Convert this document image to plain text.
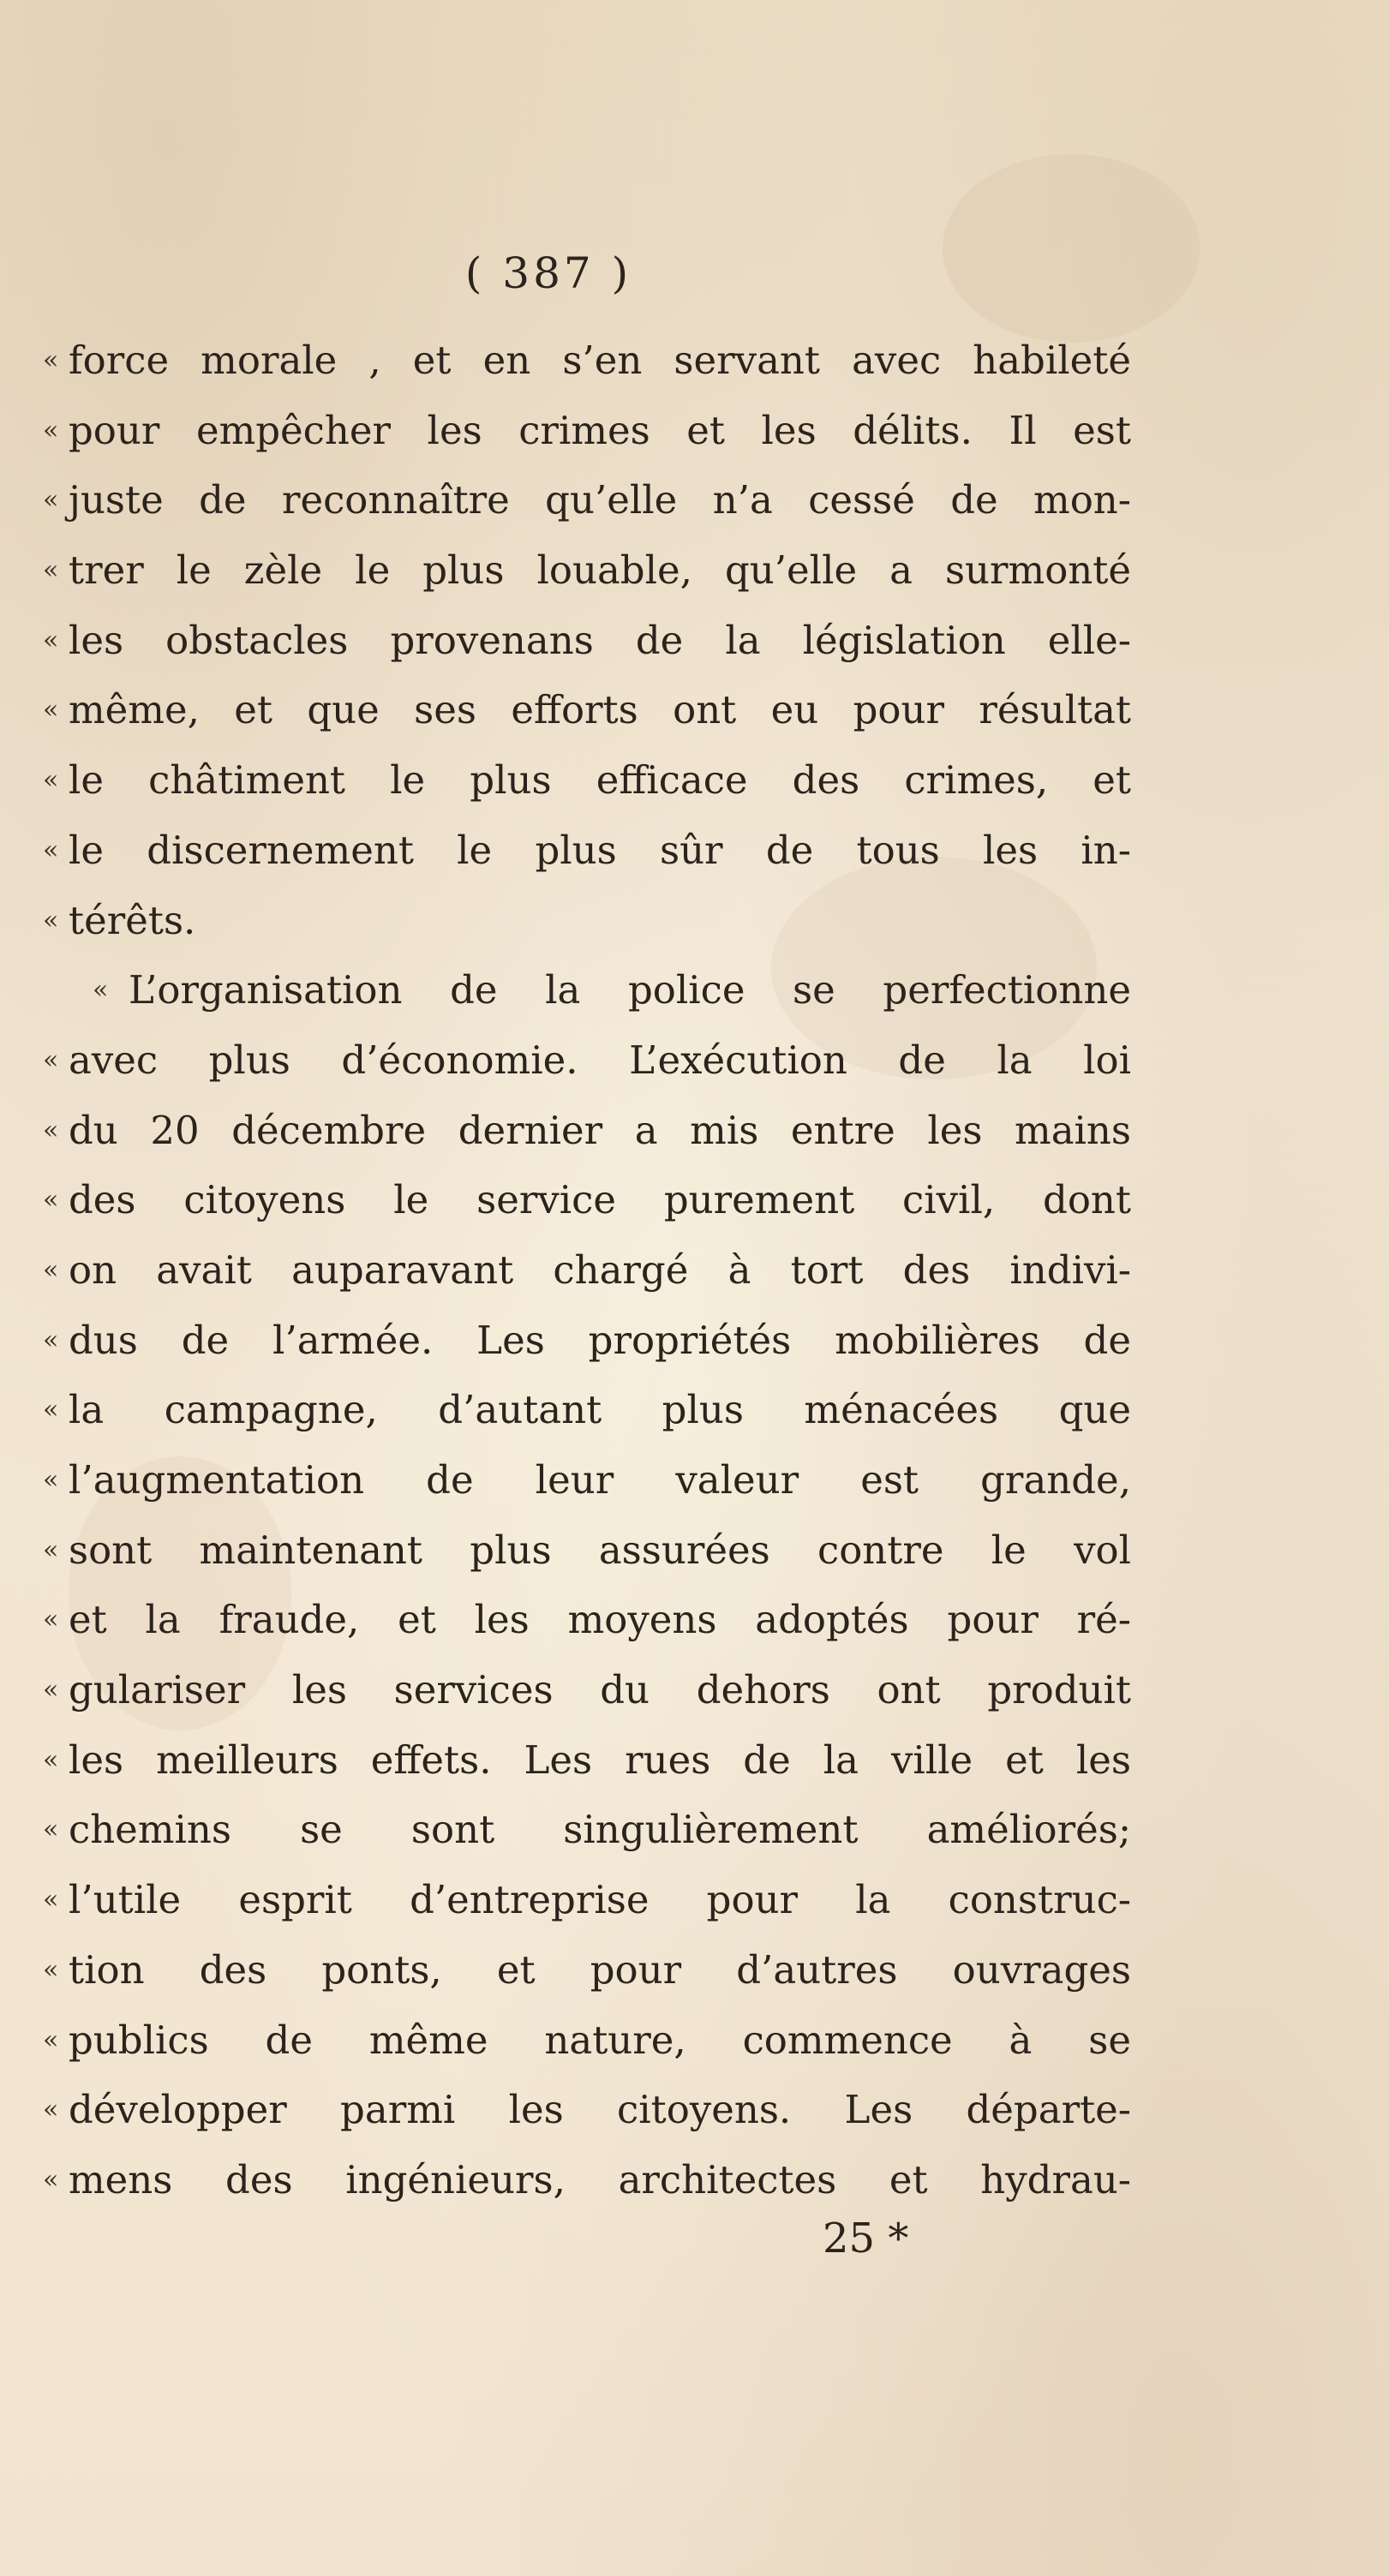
( 387 )
« force morale , et en s’en servant avec habileté
« pour empêcher les crimes et les délits. Il est
« juste de reconnaître qu’elle n’a cessé de mon-
« trer le zèle le plus louable, qu’elle a surmonté
« les obstacles provenans de la législation elle-
« même, et que ses efforts ont eu pour résultat
« le châtiment le plus efficace des crimes, et
« le discernement le plus sûr de tous les in-
« térêts.
« L’organisation de la police se perfectionne
« avec plus d’économie. L’exécution de la loi
« du 20 décembre dernier a mis entre les mains
« des citoyens le service purement civil, dont
« on avait auparavant chargé à tort des indivi-
« dus de l’armée. Les propriétés mobilières de
« la campagne, d’autant plus ménacées que
« l’augmentation de leur valeur est grande,
« sont maintenant plus assurées contre le vol
« et la fraude, et les moyens adoptés pour ré-
« gulariser les services du dehors ont produit
« les meilleurs effets. Les rues de la ville et les
« chemins se sont singulièrement améliorés;
« l’utile esprit d’entreprise pour la construc-
« tion des ponts, et pour d’autres ouvrages
« publics de même nature, commence à se
« développer parmi les citoyens. Les départe-
« mens des ingénieurs, architectes et hydrau-
25 *
